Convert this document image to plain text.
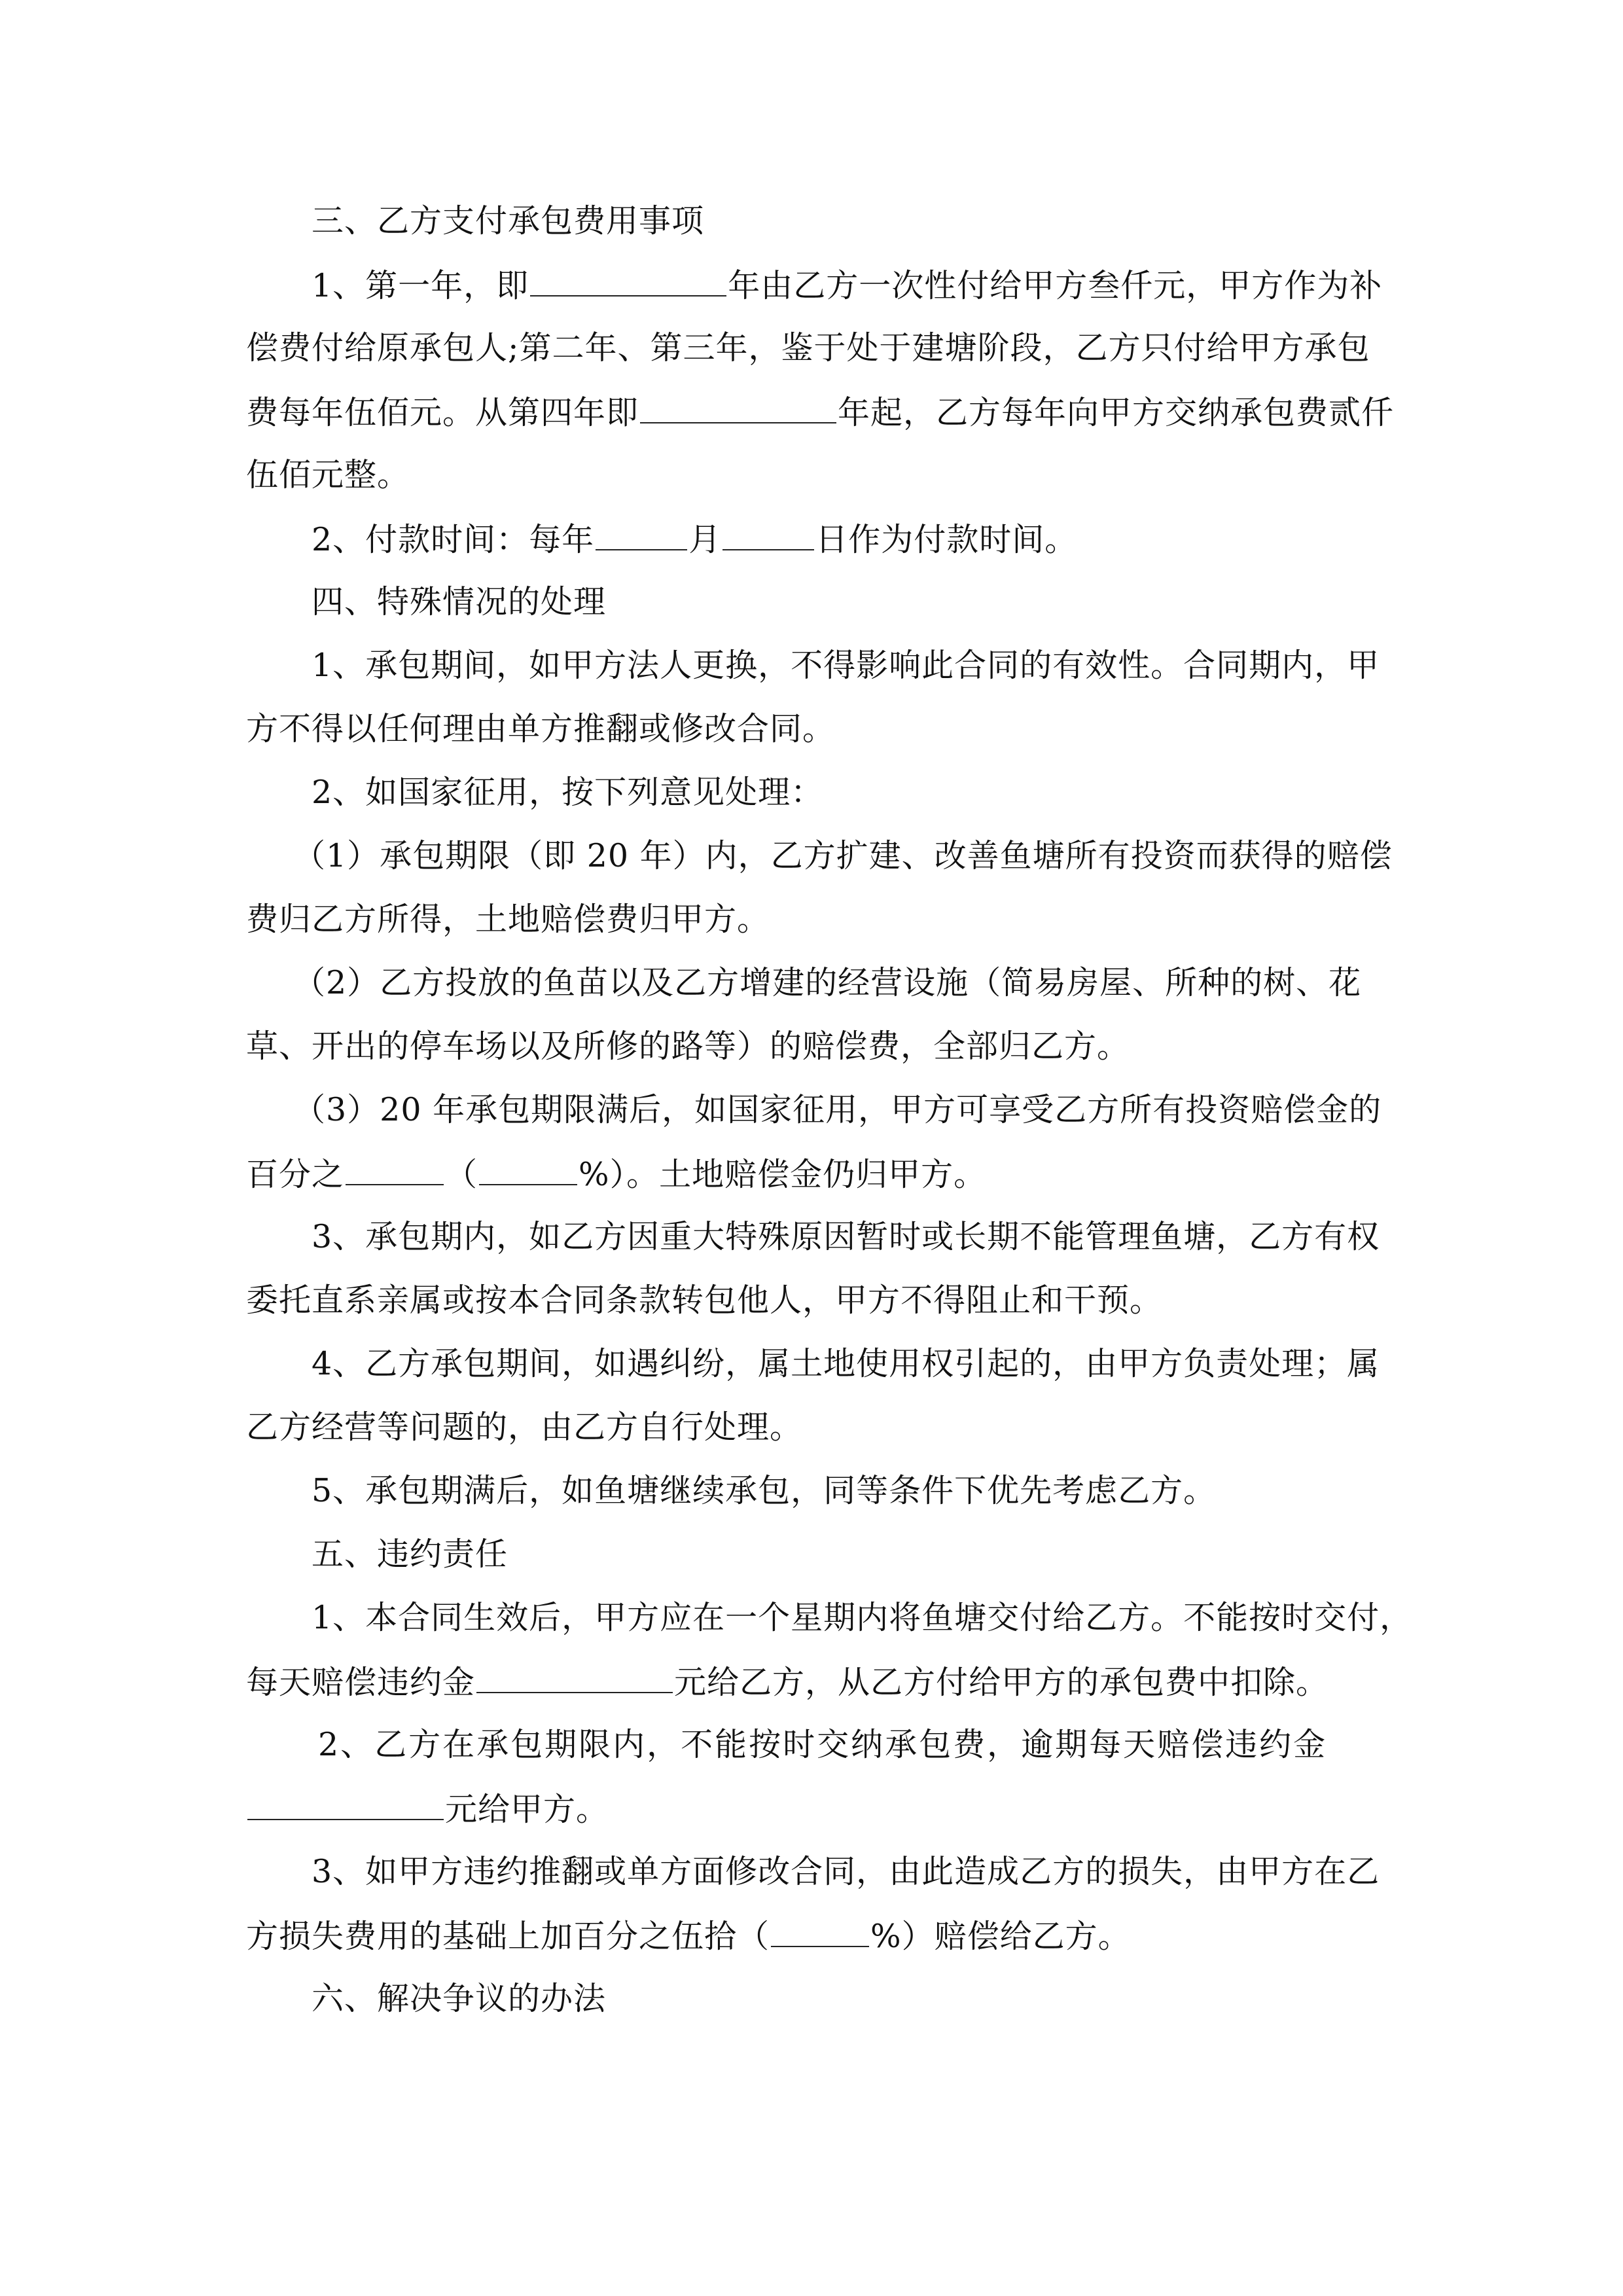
三、乙方支付承包费用事项
1、第一年，即	年由乙方一次性付给甲方叁仟元，甲方作为补
偿费付给原承包人;第二年、第三年，鉴于处于建塘阶段，乙方只付给甲方承包
费每年伍佰元。从第四年即	年起，乙方每年向甲方交纳承包费贰仟
伍佰元整。
2、付款时间：每年	月	日作为付款时间。
四、特殊情况的处理
1、承包期间，如甲方法人更换，不得影响此合同的有效性。合同期内，甲
方不得以任何理由单方推翻或修改合同。
2、如国家征用，按下列意见处理：
（1）承包期限（即 20 年）内，乙方扩建、改善鱼塘所有投资而获得的赔偿
费归乙方所得，土地赔偿费归甲方。
（2）乙方投放的鱼苗以及乙方增建的经营设施（简易房屋、所种的树、花
草、开出的停车场以及所修的路等）的赔偿费，全部归乙方。
（3）20 年承包期限满后，如国家征用，甲方可享受乙方所有投资赔偿金的
百分之	（	%）。土地赔偿金仍归甲方。
3、承包期内，如乙方因重大特殊原因暂时或长期不能管理鱼塘，乙方有权
委托直系亲属或按本合同条款转包他人，甲方不得阻止和干预。
4、乙方承包期间，如遇纠纷，属土地使用权引起的，由甲方负责处理；属
乙方经营等问题的，由乙方自行处理。
5、承包期满后，如鱼塘继续承包，同等条件下优先考虑乙方。
五、违约责任
1、本合同生效后，甲方应在一个星期内将鱼塘交付给乙方。不能按时交付，
每天赔偿违约金	元给乙方，从乙方付给甲方的承包费中扣除。
2、乙方在承包期限内，不能按时交纳承包费，逾期每天赔偿违约金
元给甲方。
3、如甲方违约推翻或单方面修改合同，由此造成乙方的损失，由甲方在乙
方损失费用的基础上加百分之伍拾（	%）赔偿给乙方。
六、解决争议的办法
